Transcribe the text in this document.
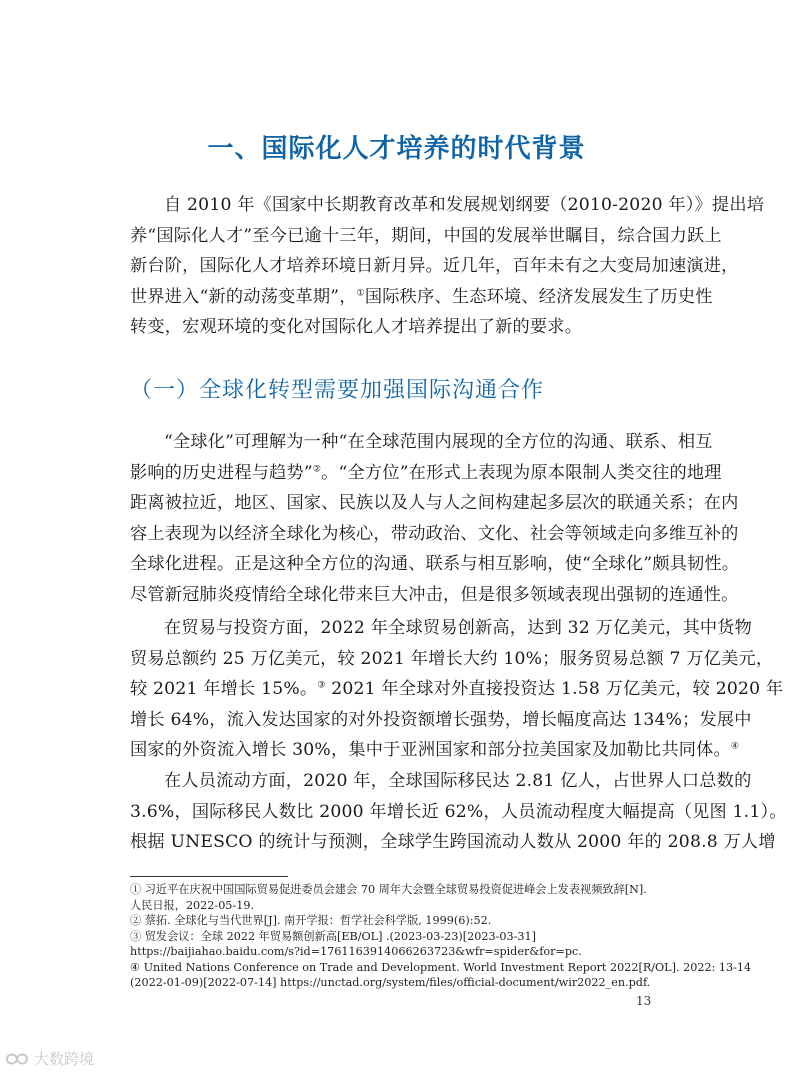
一、国际化人才培养的时代背景
自 2010 年《国家中长期教育改革和发展规划纲要（2010-2020 年）》提出培
养“国际化人才”至今已逾十三年，期间，中国的发展举世瞩目，综合国力跃上
新台阶，国际化人才培养环境日新月异。近几年，百年未有之大变局加速演进，
世界进入“新的动荡变革期”，①国际秩序、生态环境、经济发展发生了历史性
转变，宏观环境的变化对国际化人才培养提出了新的要求。
（一）全球化转型需要加强国际沟通合作
“全球化”可理解为一种“在全球范围内展现的全方位的沟通、联系、相互
影响的历史进程与趋势”②。“全方位”在形式上表现为原本限制人类交往的地理
距离被拉近，地区、国家、民族以及人与人之间构建起多层次的联通关系；在内
容上表现为以经济全球化为核心，带动政治、文化、社会等领域走向多维互补的
全球化进程。正是这种全方位的沟通、联系与相互影响，使“全球化”颇具韧性。
尽管新冠肺炎疫情给全球化带来巨大冲击，但是很多领域表现出强韧的连通性。
在贸易与投资方面，2022 年全球贸易创新高，达到 32 万亿美元，其中货物
贸易总额约 25 万亿美元，较 2021 年增长大约 10%；服务贸易总额 7 万亿美元，
较 2021 年增长 15%。③ 2021 年全球对外直接投资达 1.58 万亿美元，较 2020 年
增长 64%，流入发达国家的对外投资额增长强势，增长幅度高达 134%；发展中
国家的外资流入增长 30%，集中于亚洲国家和部分拉美国家及加勒比共同体。④
在人员流动方面，2020 年，全球国际移民达 2.81 亿人，占世界人口总数的
3.6%，国际移民人数比 2000 年增长近 62%，人员流动程度大幅提高（见图 1.1）。
根据 UNESCO 的统计与预测，全球学生跨国流动人数从 2000 年的 208.8 万人增
① 习近平在庆祝中国国际贸易促进委员会建会 70 周年大会暨全球贸易投资促进峰会上发表视频致辞[N].
人民日报，2022-05-19.
② 蔡拓. 全球化与当代世界[J]. 南开学报：哲学社会科学版, 1999(6):52.
③ 贸发会议：全球 2022 年贸易额创新高[EB/OL] .(2023-03-23)[2023-03-31]
https://baijiahao.baidu.com/s?id=1761163914066263723&wfr=spider&for=pc.
④ United Nations Conference on Trade and Development. World Investment Report 2022[R/OL]. 2022: 13-14
(2022-01-09)[2022-07-14] https://unctad.org/system/files/official-document/wir2022_en.pdf.
13
大数跨境
